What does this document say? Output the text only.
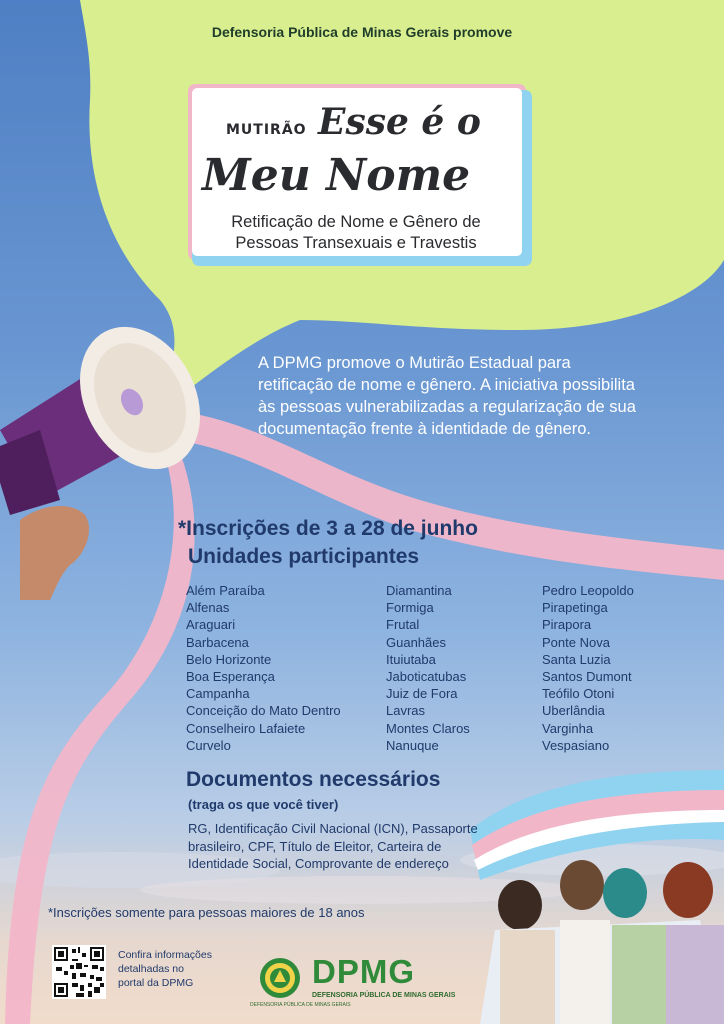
Defensoria Pública de Minas Gerais promove
MUTIRÃO Esse é o
Meu Nome
Retificação de Nome e Gênero de
Pessoas Transexuais e Travestis
A DPMG promove o Mutirão Estadual para
retificação de nome e gênero. A iniciativa possibilita
às pessoas vulnerabilizadas a regularização de sua
documentação frente à identidade de gênero.
*Inscrições de 3 a 28 de junho
Unidades participantes
Além Paraíba
Alfenas
Araguari
Barbacena
Belo Horizonte
Boa Esperança
Campanha
Conceição do Mato Dentro
Conselheiro Lafaiete
Curvelo
Diamantina
Formiga
Frutal
Guanhães
Ituiutaba
Jaboticatubas
Juiz de Fora
Lavras
Montes Claros
Nanuque
Pedro Leopoldo
Pirapetinga
Pirapora
Ponte Nova
Santa Luzia
Santos Dumont
Teófilo Otoni
Uberlândia
Varginha
Vespasiano
Documentos necessários
(traga os que você tiver)
RG, Identificação Civil Nacional (ICN), Passaporte
brasileiro, CPF, Título de Eleitor, Carteira de
Identidade Social, Comprovante de endereço
*Inscrições somente para pessoas maiores de 18 anos
Confira informações
detalhadas no
portal da DPMG
DEFENSORIA PÚBLICA DE MINAS GERAIS
DPMG
DEFENSORIA PÚBLICA DE MINAS GERAIS
